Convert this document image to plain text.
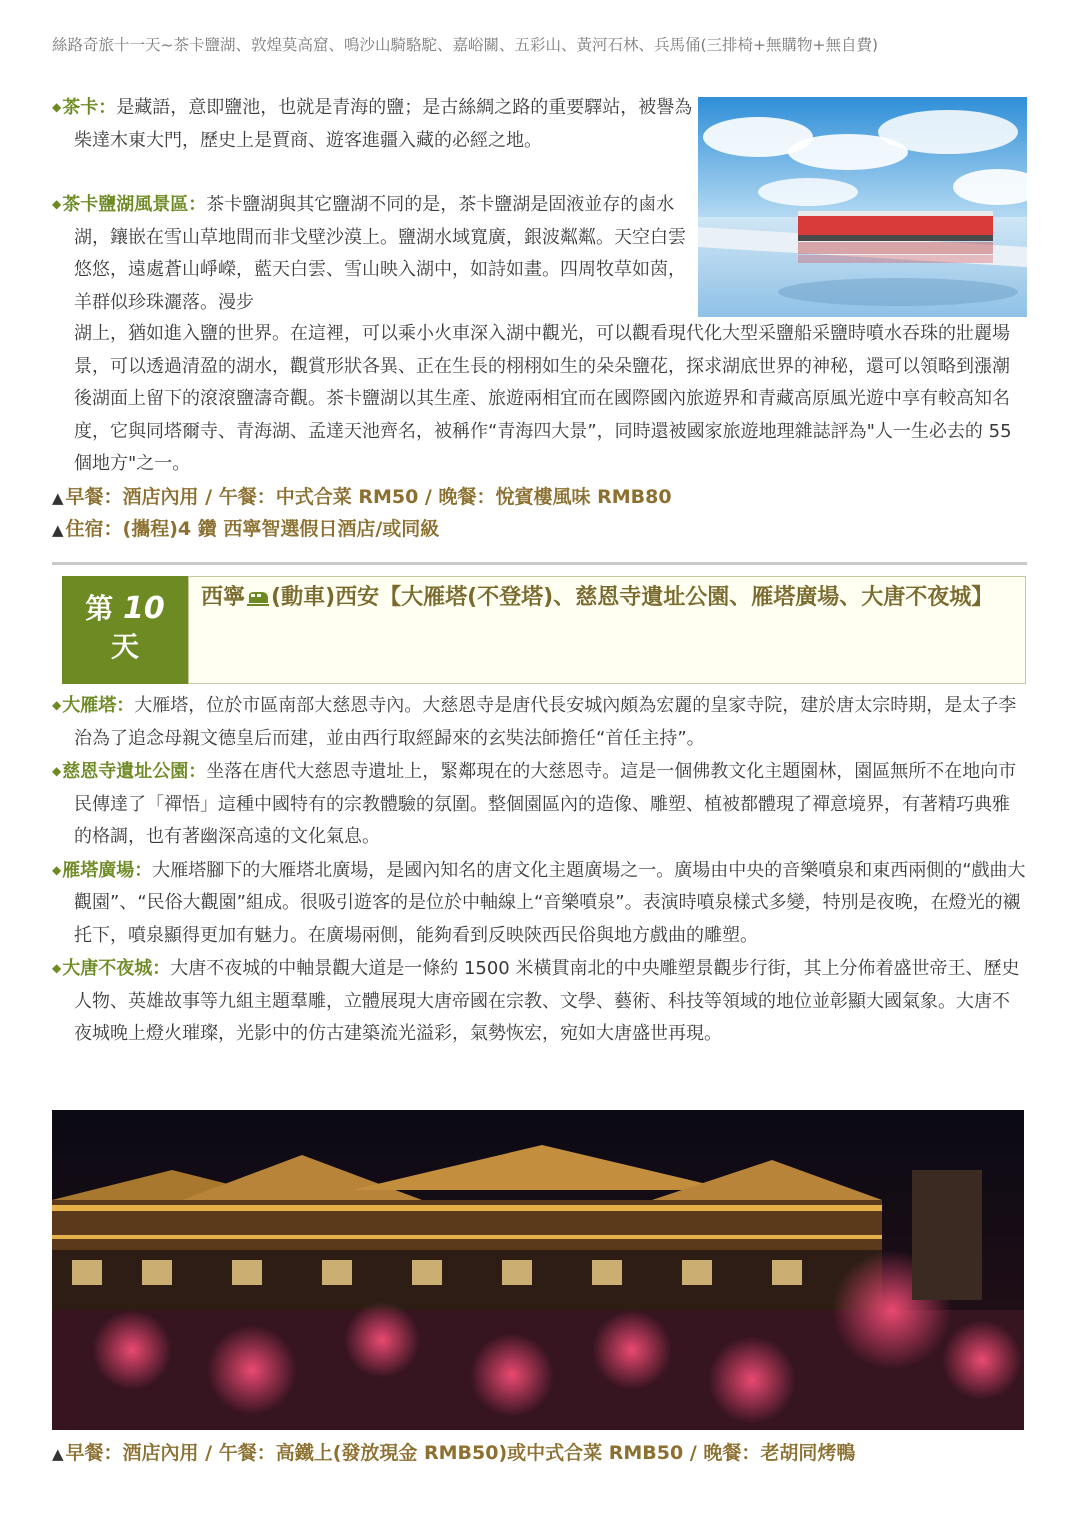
絲路奇旅十一天~茶卡鹽湖、敦煌莫高窟、鳴沙山騎駱駝、嘉峪關、五彩山、黃河石林、兵馬俑(三排椅+無購物+無自費)
◆茶卡：是藏語，意即鹽池，也就是青海的鹽；是古絲綢之路的重要驛站，被譽為柴達木東大門，歷史上是賈商、遊客進疆入藏的必經之地。
◆茶卡鹽湖風景區：茶卡鹽湖與其它鹽湖不同的是，茶卡鹽湖是固液並存的鹵水湖，鑲嵌在雪山草地間而非戈壁沙漠上。鹽湖水域寬廣，銀波粼粼。天空白雲悠悠，遠處蒼山崢嶸，藍天白雲、雪山映入湖中，如詩如畫。四周牧草如茵，羊群似珍珠灑落。漫步
湖上，猶如進入鹽的世界。在這裡，可以乘小火車深入湖中觀光，可以觀看現代化大型采鹽船采鹽時噴水吞珠的壯麗場景，可以透過清盈的湖水，觀賞形狀各異、正在生長的栩栩如生的朵朵鹽花，探求湖底世界的神秘，還可以領略到漲潮後湖面上留下的滾滾鹽濤奇觀。茶卡鹽湖以其生產、旅遊兩相宜而在國際國內旅遊界和青藏高原風光遊中享有較高知名度，它與同塔爾寺、青海湖、孟達天池齊名，被稱作“青海四大景”，同時還被國家旅遊地理雜誌評為"人一生必去的 55 個地方"之一。
▲ 早餐：酒店內用 / 午餐：中式合菜 RM50 / 晚餐：悅賓樓風味 RMB80
▲ 住宿：(攜程)4 鑽 西寧智選假日酒店/或同級
第 10
天
西寧 (動車)西安【大雁塔(不登塔)、慈恩寺遺址公園、雁塔廣場、大唐不夜城】
◆大雁塔：大雁塔，位於市區南部大慈恩寺內。大慈恩寺是唐代長安城內頗為宏麗的皇家寺院，建於唐太宗時期，是太子李治為了追念母親文德皇后而建，並由西行取經歸來的玄奘法師擔任“首任主持”。
◆慈恩寺遺址公園：坐落在唐代大慈恩寺遺址上，緊鄰現在的大慈恩寺。這是一個佛教文化主題園林，園區無所不在地向市民傳達了「禪悟」這種中國特有的宗教體驗的氛圍。整個園區內的造像、雕塑、植被都體現了禪意境界，有著精巧典雅的格調，也有著幽深高遠的文化氣息。
◆雁塔廣場：大雁塔腳下的大雁塔北廣場，是國內知名的唐文化主題廣場之一。廣場由中央的音樂噴泉和東西兩側的“戲曲大觀園”、“民俗大觀園”組成。很吸引遊客的是位於中軸線上“音樂噴泉”。表演時噴泉樣式多變，特別是夜晚，在燈光的襯托下，噴泉顯得更加有魅力。在廣場兩側，能夠看到反映陝西民俗與地方戲曲的雕塑。
◆大唐不夜城：大唐不夜城的中軸景觀大道是一條約 1500 米橫貫南北的中央雕塑景觀步行街，其上分佈着盛世帝王、歷史人物、英雄故事等九組主題羣雕，立體展現大唐帝國在宗教、文學、藝術、科技等領域的地位並彰顯大國氣象。大唐不夜城晚上燈火璀璨，光影中的仿古建築流光溢彩，氣勢恢宏，宛如大唐盛世再現。
▲ 早餐：酒店內用 / 午餐：高鐵上(發放現金 RMB50)或中式合菜 RMB50 / 晚餐：老胡同烤鴨
